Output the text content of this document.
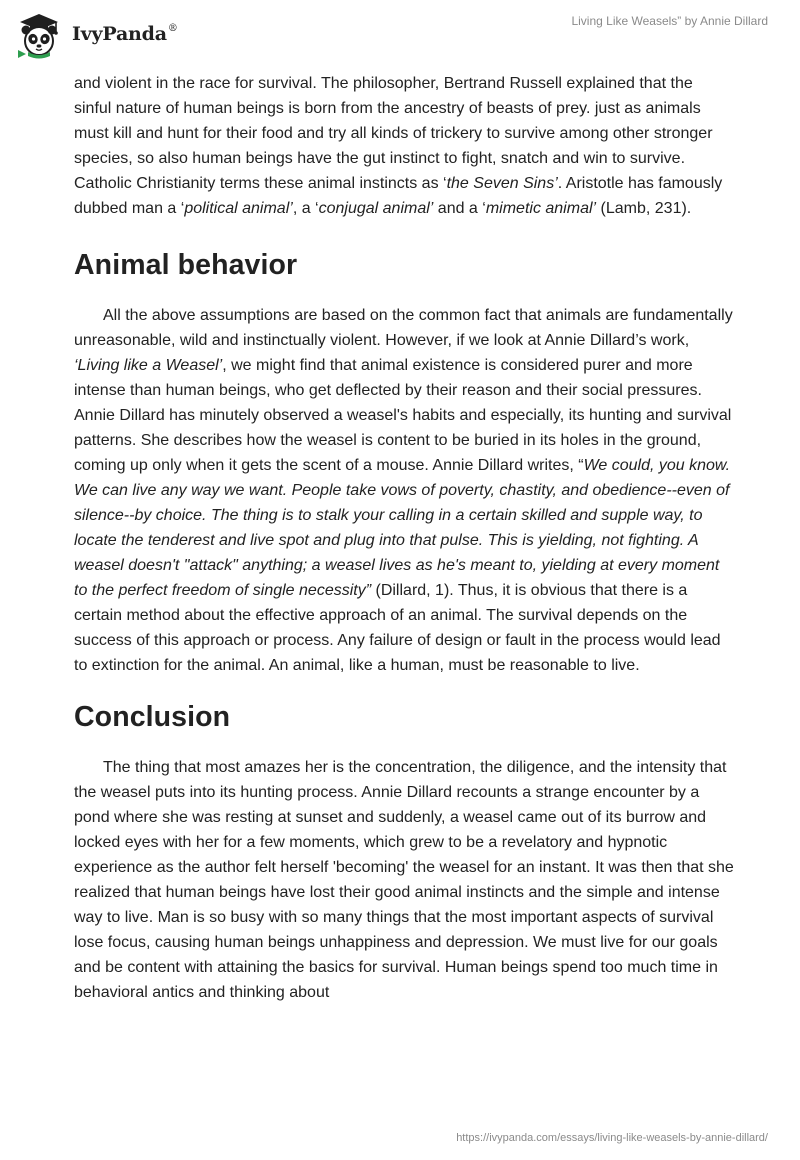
IvyPanda®
Living Like Weasels” by Annie Dillard

and violent in the race for survival. The philosopher, Bertrand Russell explained that the sinful nature of human beings is born from the ancestry of beasts of prey. just as animals must kill and hunt for their food and try all kinds of trickery to survive among other stronger species, so also human beings have the gut instinct to fight, snatch and win to survive. Catholic Christianity terms these animal instincts as ‘the Seven Sins’. Aristotle has famously dubbed man a ‘political animal’, a ‘conjugal animal’ and a ‘mimetic animal’ (Lamb, 231).

Animal behavior

All the above assumptions are based on the common fact that animals are fundamentally unreasonable, wild and instinctually violent. However, if we look at Annie Dillard’s work, ‘Living like a Weasel’, we might find that animal existence is considered purer and more intense than human beings, who get deflected by their reason and their social pressures. Annie Dillard has minutely observed a weasel's habits and especially, its hunting and survival patterns. She describes how the weasel is content to be buried in its holes in the ground, coming up only when it gets the scent of a mouse. Annie Dillard writes, “We could, you know. We can live any way we want. People take vows of poverty, chastity, and obedience--even of silence--by choice. The thing is to stalk your calling in a certain skilled and supple way, to locate the tenderest and live spot and plug into that pulse. This is yielding, not fighting. A weasel doesn't "attack" anything; a weasel lives as he's meant to, yielding at every moment to the perfect freedom of single necessity” (Dillard, 1). Thus, it is obvious that there is a certain method about the effective approach of an animal. The survival depends on the success of this approach or process. Any failure of design or fault in the process would lead to extinction for the animal. An animal, like a human, must be reasonable to live.

Conclusion

The thing that most amazes her is the concentration, the diligence, and the intensity that the weasel puts into its hunting process. Annie Dillard recounts a strange encounter by a pond where she was resting at sunset and suddenly, a weasel came out of its burrow and locked eyes with her for a few moments, which grew to be a revelatory and hypnotic experience as the author felt herself 'becoming' the weasel for an instant. It was then that she realized that human beings have lost their good animal instincts and the simple and intense way to live. Man is so busy with so many things that the most important aspects of survival lose focus, causing human beings unhappiness and depression. We must live for our goals and be content with attaining the basics for survival. Human beings spend too much time in behavioral antics and thinking about

https://ivypanda.com/essays/living-like-weasels-by-annie-dillard/
